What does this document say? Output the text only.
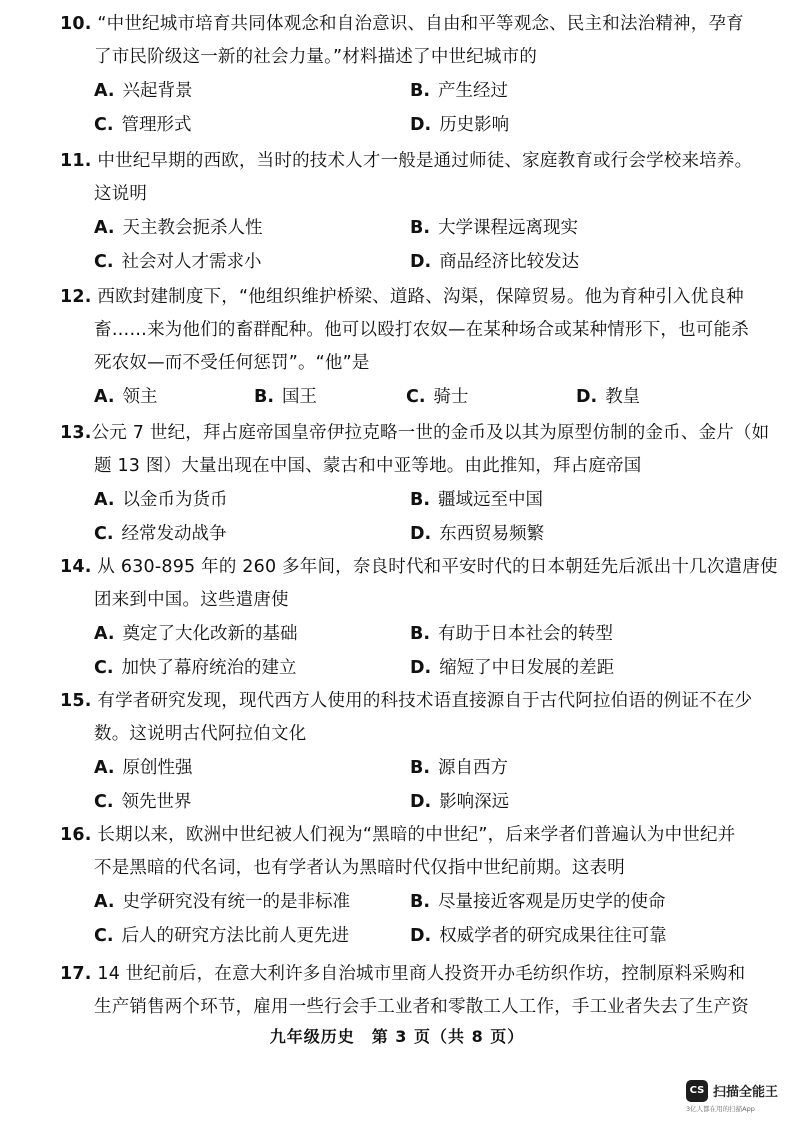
10. “中世纪城市培育共同体观念和自治意识、自由和平等观念、民主和法治精神，孕育
了市民阶级这一新的社会力量。”材料描述了中世纪城市的
A. 兴起背景	B. 产生经过
C. 管理形式	D. 历史影响
11. 中世纪早期的西欧，当时的技术人才一般是通过师徒、家庭教育或行会学校来培养。
这说明
A. 天主教会扼杀人性	B. 大学课程远离现实
C. 社会对人才需求小	D. 商品经济比较发达
12. 西欧封建制度下，“他组织维护桥梁、道路、沟渠，保障贸易。他为育种引入优良种
畜……来为他们的畜群配种。他可以殴打农奴—在某种场合或某种情形下，也可能杀
死农奴—而不受任何惩罚”。“他”是
A. 领主	B. 国王	C. 骑士	D. 教皇
13.公元 7 世纪，拜占庭帝国皇帝伊拉克略一世的金币及以其为原型仿制的金币、金片（如
题 13 图）大量出现在中国、蒙古和中亚等地。由此推知，拜占庭帝国
A. 以金币为货币	B. 疆域远至中国
C. 经常发动战争	D. 东西贸易频繁
14. 从 630-895 年的 260 多年间，奈良时代和平安时代的日本朝廷先后派出十几次遣唐使
团来到中国。这些遣唐使
A. 奠定了大化改新的基础	B. 有助于日本社会的转型
C. 加快了幕府统治的建立	D. 缩短了中日发展的差距
15. 有学者研究发现，现代西方人使用的科技术语直接源自于古代阿拉伯语的例证不在少
数。这说明古代阿拉伯文化
A. 原创性强	B. 源自西方
C. 领先世界	D. 影响深远
16. 长期以来，欧洲中世纪被人们视为“黑暗的中世纪”，后来学者们普遍认为中世纪并
不是黑暗的代名词，也有学者认为黑暗时代仅指中世纪前期。这表明
A. 史学研究没有统一的是非标准	B. 尽量接近客观是历史学的使命
C. 后人的研究方法比前人更先进	D. 权威学者的研究成果往往可靠
17. 14 世纪前后，在意大利许多自治城市里商人投资开办毛纺织作坊，控制原料采购和
生产销售两个环节，雇用一些行会手工业者和零散工人工作，手工业者失去了生产资
九年级历史　第 3 页（共 8 页）
CS 扫描全能王
3亿人都在用的扫描App
